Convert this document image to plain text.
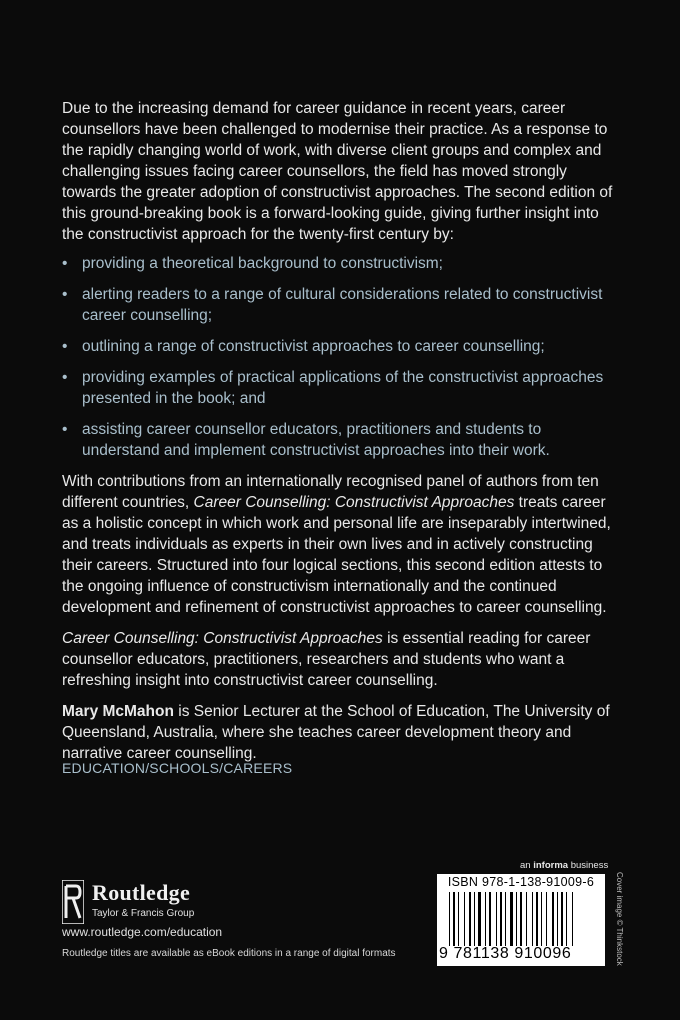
Due to the increasing demand for career guidance in recent years, career counsellors have been challenged to modernise their practice. As a response to the rapidly changing world of work, with diverse client groups and complex and challenging issues facing career counsellors, the field has moved strongly towards the greater adoption of constructivist approaches. The second edition of this ground-breaking book is a forward-looking guide, giving further insight into the constructivist approach for the twenty-first century by:

• providing a theoretical background to constructivism;
• alerting readers to a range of cultural considerations related to constructivist career counselling;
• outlining a range of constructivist approaches to career counselling;
• providing examples of practical applications of the constructivist approaches presented in the book; and
• assisting career counsellor educators, practitioners and students to understand and implement constructivist approaches into their work.

With contributions from an internationally recognised panel of authors from ten different countries, Career Counselling: Constructivist Approaches treats career as a holistic concept in which work and personal life are inseparably intertwined, and treats individuals as experts in their own lives and in actively constructing their careers. Structured into four logical sections, this second edition attests to the ongoing influence of constructivism internationally and the continued development and refinement of constructivist approaches to career counselling.

Career Counselling: Constructivist Approaches is essential reading for career counsellor educators, practitioners, researchers and students who want a refreshing insight into constructivist career counselling.

Mary McMahon is Senior Lecturer at the School of Education, The University of Queensland, Australia, where she teaches career development theory and narrative career counselling.

EDUCATION/SCHOOLS/CAREERS
Routledge
Taylor & Francis Group
www.routledge.com/education
Routledge titles are available as eBook editions in a range of digital formats
an informa business
ISBN 978-1-138-91009-6
9 781138 910096	Cover image © Thinkstock
